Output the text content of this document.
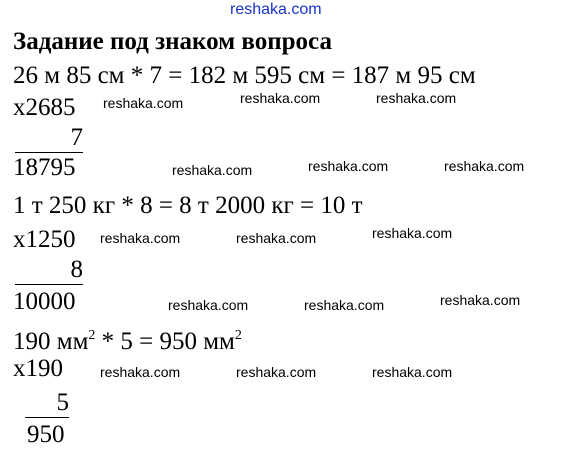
reshaka.com
Задание под знаком вопроса
26 м 85 см * 7 = 182 м 595 см = 187 м 95 см
x2685
7
18795
reshaka.com	reshaka.com	reshaka.com
reshaka.com	reshaka.com	reshaka.com
1 т 250 кг * 8 = 8 т 2000 кг = 10 т
x1250
8
10000
reshaka.com	reshaka.com	reshaka.com
reshaka.com	reshaka.com	reshaka.com
190 $мм^2 * 5 = 950$ $мм^2$
x190
5
950
reshaka.com	reshaka.com	reshaka.com
